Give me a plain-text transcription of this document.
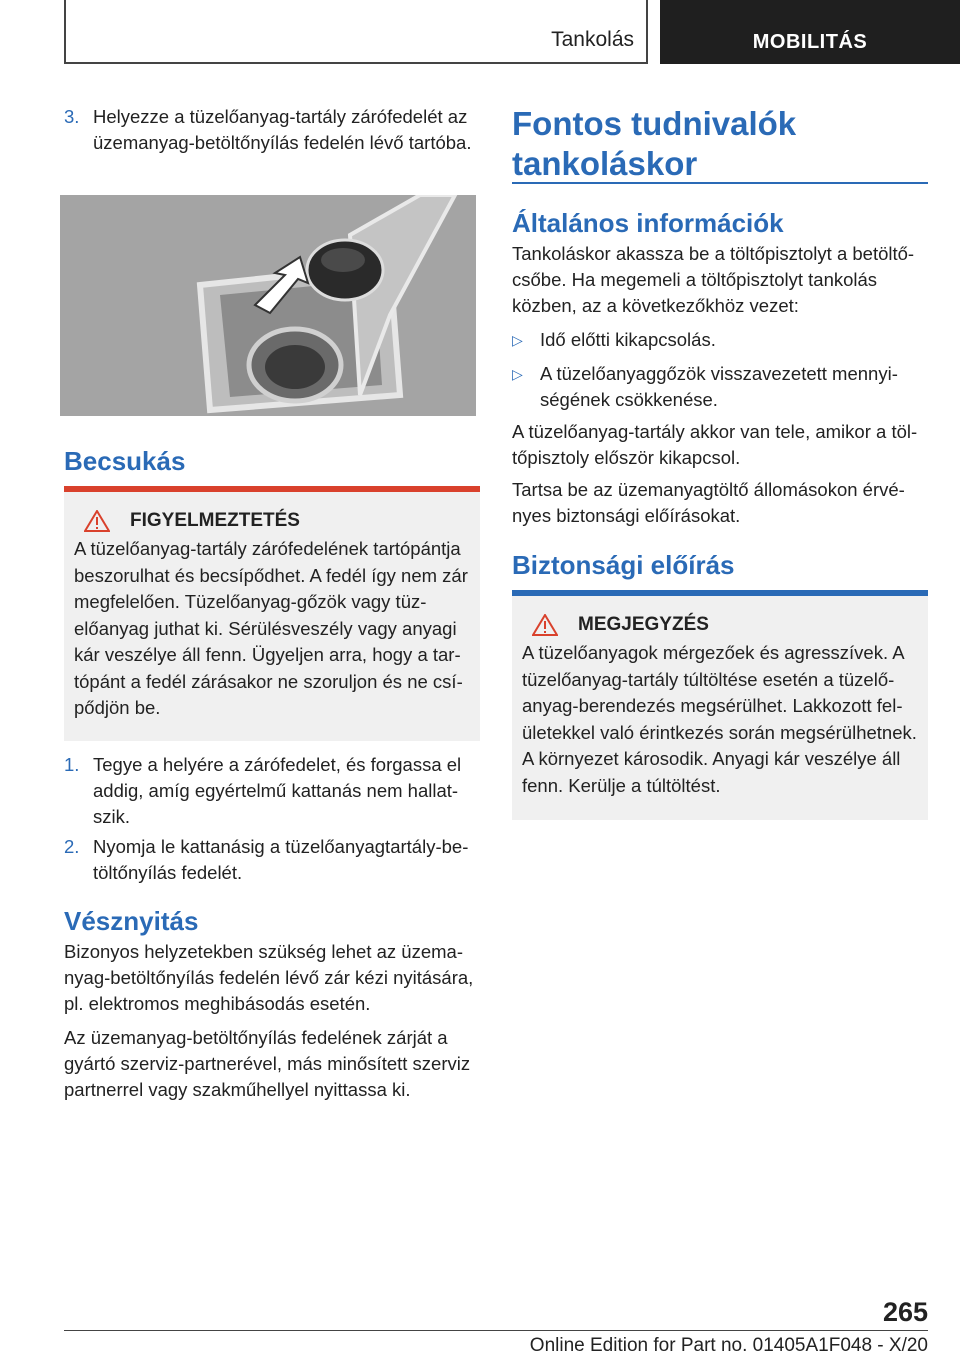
Tankolás	MOBILITÁS
3. Helyezze a tüzelőanyag-tartály zárófedelét az üzemanyag-betöltőnyílás fedelén lévő tartóba.
Becsukás
FIGYELMEZTETÉS

A tüzelőanyag-tartály zárófedelének tartópántja beszorulhat és becsípődhet. A fedél így nem zár megfelelően. Tüzelőanyag-gőzök vagy tüzelőanyag juthat ki. Sérülésveszély vagy anyagi kár veszélye áll fenn. Ügyeljen arra, hogy a tartópánt a fedél zárásakor ne szoruljon és ne csípődjön be.

1. Tegye a helyére a zárófedelet, és forgassa el addig, amíg egyértelmű kattanás nem hallatszik.
2. Nyomja le kattanásig a tüzelőanyagtartály-betöltőnyílás fedelét.
Vésznyitás

Bizonyos helyzetekben szükség lehet az üzemanyag-betöltőnyílás fedelén lévő zár kézi nyitására, pl. elektromos meghibásodás esetén.

Az üzemanyag-betöltőnyílás fedelének zárját a gyártó szerviz-partnerével, más minősített szerviz partnerrel vagy szakműhellyel nyittassa ki.

Fontos tudnivalók
tankoláskor
Általános információk

Tankoláskor akassza be a töltőpisztolyt a betöltőcsőbe. Ha megemeli a töltőpisztolyt tankolás közben, az a következőkhöz vezet:

▷ Idő előtti kikapcsolás.
▷ A tüzelőanyaggőzök visszavezetett mennyiségének csökkenése.

A tüzelőanyag-tartály akkor van tele, amikor a töltőpisztoly először kikapcsol.

Tartsa be az üzemanyagtöltő állomásokon érvényes biztonsági előírásokat.

Biztonsági előírás
MEGJEGYZÉS

A tüzelőanyagok mérgezőek és agresszívek. A tüzelőanyag-tartály túltöltése esetén a tüzelőanyag-berendezés megsérülhet. Lakkozott felületekkel való érintkezés során megsérülhetnek. A környezet károsodik. Anyagi kár veszélye áll fenn. Kerülje a túltöltést.

265
Online Edition for Part no. 01405A1F048 - X/20
